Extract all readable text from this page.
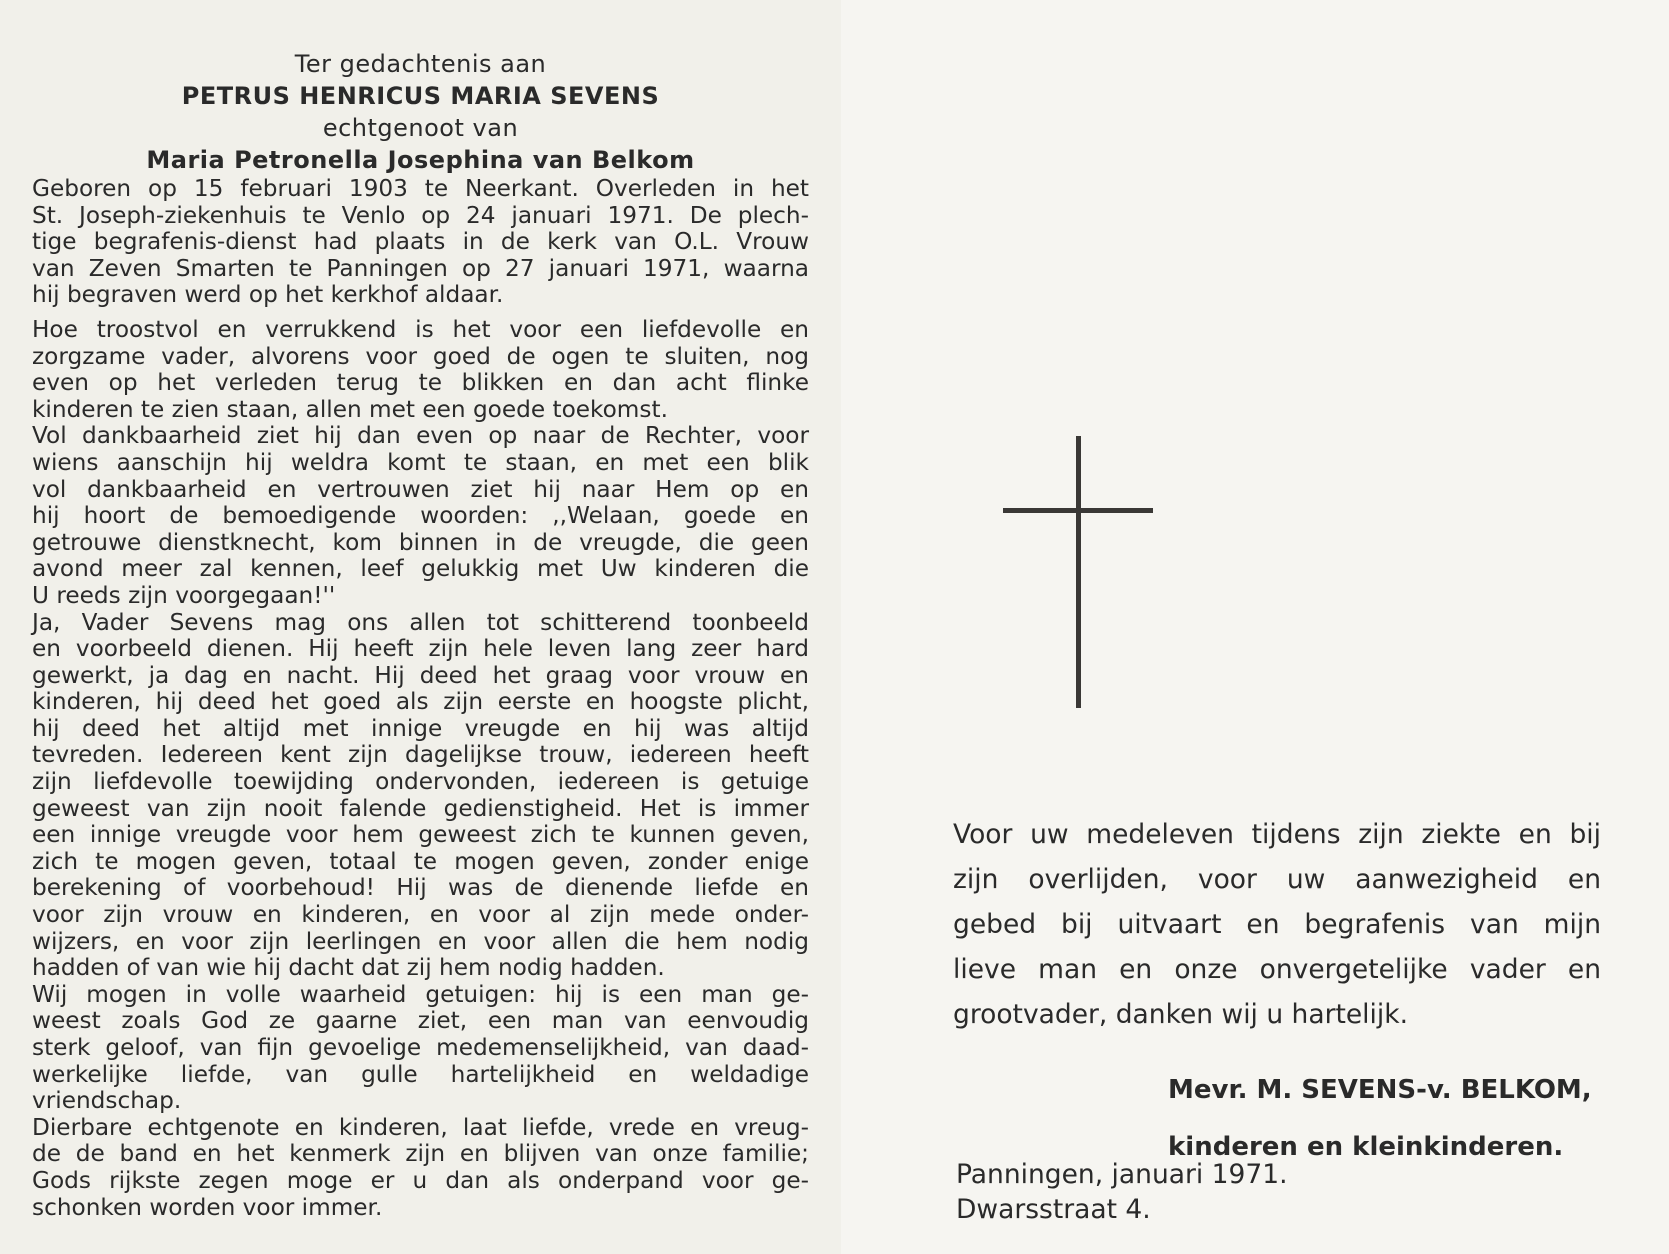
Ter gedachtenis aan

PETRUS HENRICUS MARIA SEVENS

echtgenoot van

Maria Petronella Josephina van Belkom

Geboren op 15 februari 1903 te Neerkant. Overleden in het
St. Joseph-ziekenhuis te Venlo op 24 januari 1971. De plech-
tige begrafenis-dienst had plaats in de kerk van O.L. Vrouw
van Zeven Smarten te Panningen op 27 januari 1971, waarna
hij begraven werd op het kerkhof aldaar.
Hoe troostvol en verrukkend is het voor een liefdevolle en
zorgzame vader, alvorens voor goed de ogen te sluiten, nog
even op het verleden terug te blikken en dan acht flinke
kinderen te zien staan, allen met een goede toekomst.
Vol dankbaarheid ziet hij dan even op naar de Rechter, voor
wiens aanschijn hij weldra komt te staan, en met een blik
vol dankbaarheid en vertrouwen ziet hij naar Hem op en
hij hoort de bemoedigende woorden: ,,Welaan, goede en
getrouwe dienstknecht, kom binnen in de vreugde, die geen
avond meer zal kennen, leef gelukkig met Uw kinderen die
U reeds zijn voorgegaan!''
Ja, Vader Sevens mag ons allen tot schitterend toonbeeld
en voorbeeld dienen. Hij heeft zijn hele leven lang zeer hard
gewerkt, ja dag en nacht. Hij deed het graag voor vrouw en
kinderen, hij deed het goed als zijn eerste en hoogste plicht,
hij deed het altijd met innige vreugde en hij was altijd
tevreden. Iedereen kent zijn dagelijkse trouw, iedereen heeft
zijn liefdevolle toewijding ondervonden, iedereen is getuige
geweest van zijn nooit falende gedienstigheid. Het is immer
een innige vreugde voor hem geweest zich te kunnen geven,
zich te mogen geven, totaal te mogen geven, zonder enige
berekening of voorbehoud! Hij was de dienende liefde en
voor zijn vrouw en kinderen, en voor al zijn mede onder-
wijzers, en voor zijn leerlingen en voor allen die hem nodig
hadden of van wie hij dacht dat zij hem nodig hadden.
Wij mogen in volle waarheid getuigen: hij is een man ge-
weest zoals God ze gaarne ziet, een man van eenvoudig
sterk geloof, van fijn gevoelige medemenselijkheid, van daad-
werkelijke liefde, van gulle hartelijkheid en weldadige
vriendschap.
Dierbare echtgenote en kinderen, laat liefde, vrede en vreug-
de de band en het kenmerk zijn en blijven van onze familie;
Gods rijkste zegen moge er u dan als onderpand voor ge-
schonken worden voor immer.
Voor uw medeleven tijdens zijn ziekte en bij
zijn overlijden, voor uw aanwezigheid en
gebed bij uitvaart en begrafenis van mijn
lieve man en onze onvergetelijke vader en
grootvader, danken wij u hartelijk.
Mevr. M. SEVENS-v. BELKOM,
kinderen en kleinkinderen.
Panningen, januari 1971.
Dwarsstraat 4.
